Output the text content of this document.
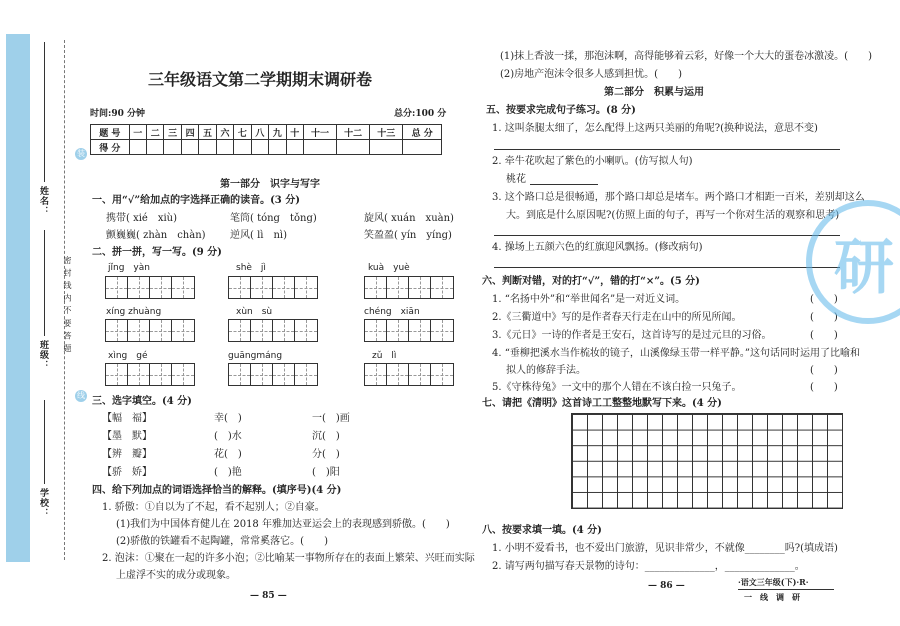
装
线
密 封 线 内 不 要 答 题
姓名：
班级：
学校：
三年级语文第二学期期末调研卷
时间:90 分钟	总分:100 分
题 号	一	二	三	四	五	六	七	八	九	十	十一	十二	十三	总 分
得 分														
第一部分　识字与写字
一、用“√”给加点的字选择正确的读音。(3 分)
携带( xié　xiù)	笔筒( tóng　tǒng)	旋风( xuán　xuàn)
颤巍巍( zhàn　chàn) 逆风( lì　nì)	笑盈盈( yín　yíng)
二、拼一拼，写一写。(9 分)
jǐng　yàn	shè　jì	kuà　yuè
xíng zhuàng	xùn　sù	chéng　xiān
xìng　gé	guāngmáng	zǔ　lì
三、选字填空。(4 分)
【幅　福】	幸(　)	一(　)画
【墨　默】	(　)水	沉(　)
【辨　瓣】	花(　)	分(　)
【骄　娇】	(　)艳	(　)阳
四、给下列加点的词语选择恰当的解释。(填序号)(4 分)
1. 骄傲：①自以为了不起，看不起别人；②自豪。
(1)我们为中国体育健儿在 2018 年雅加达亚运会上的表现感到骄傲。(　　)
(2)骄傲的铁罐看不起陶罐，常常奚落它。(　　)
2. 泡沫：①聚在一起的许多小泡；②比喻某一事物所存在的表面上繁荣、兴旺而实际
上虚浮不实的成分或现象。
— 85 —
(1)抹上香波一揉，那泡沫啊，高得能够着云彩，好像一个大大的蛋卷冰激凌。(　　)
(2)房地产泡沫令很多人感到担忧。(　　)
第二部分　积累与运用
五、按要求完成句子练习。(8 分)
1. 这叫条腿太细了，怎么配得上这两只美丽的角呢?(换种说法，意思不变)
2. 牵牛花吹起了紫色的小喇叭。(仿写拟人句)
桃花
3. 这个路口总是很畅通，那个路口却总是堵车。两个路口才相距一百米，差别却这么
大。到底是什么原因呢?(仿照上面的句子，再写一个你对生活的观察和思考)
4. 操场上五颜六色的红旗迎风飘扬。(修改病句)
六、判断对错，对的打“√”，错的打“×”。(5 分)
1. “名扬中外”和“举世闻名”是一对近义词。	(　　)
2.《三衢道中》写的是作者春天行走在山中的所见所闻。	(　　)
3.《元日》一诗的作者是王安石，这首诗写的是过元旦的习俗。	(　　)
4. “垂柳把溪水当作梳妆的镜子，山溪像绿玉带一样平静。”这句话同时运用了比喻和
拟人的修辞手法。	(　　)
5.《守株待兔》一文中的那个人错在不该白捡一只兔子。	(　　)
七、请把《清明》这首诗工工整整地默写下来。(4 分)
八、按要求填一填。(4 分)
1. 小明不爱看书，也不爱出门旅游，见识非常少，不就像________吗?(填成语)
2. 请写两句描写春天景物的诗句：______________，______________。
— 86 —	·语文三年级(下)·R·
一　线　调　研
研
